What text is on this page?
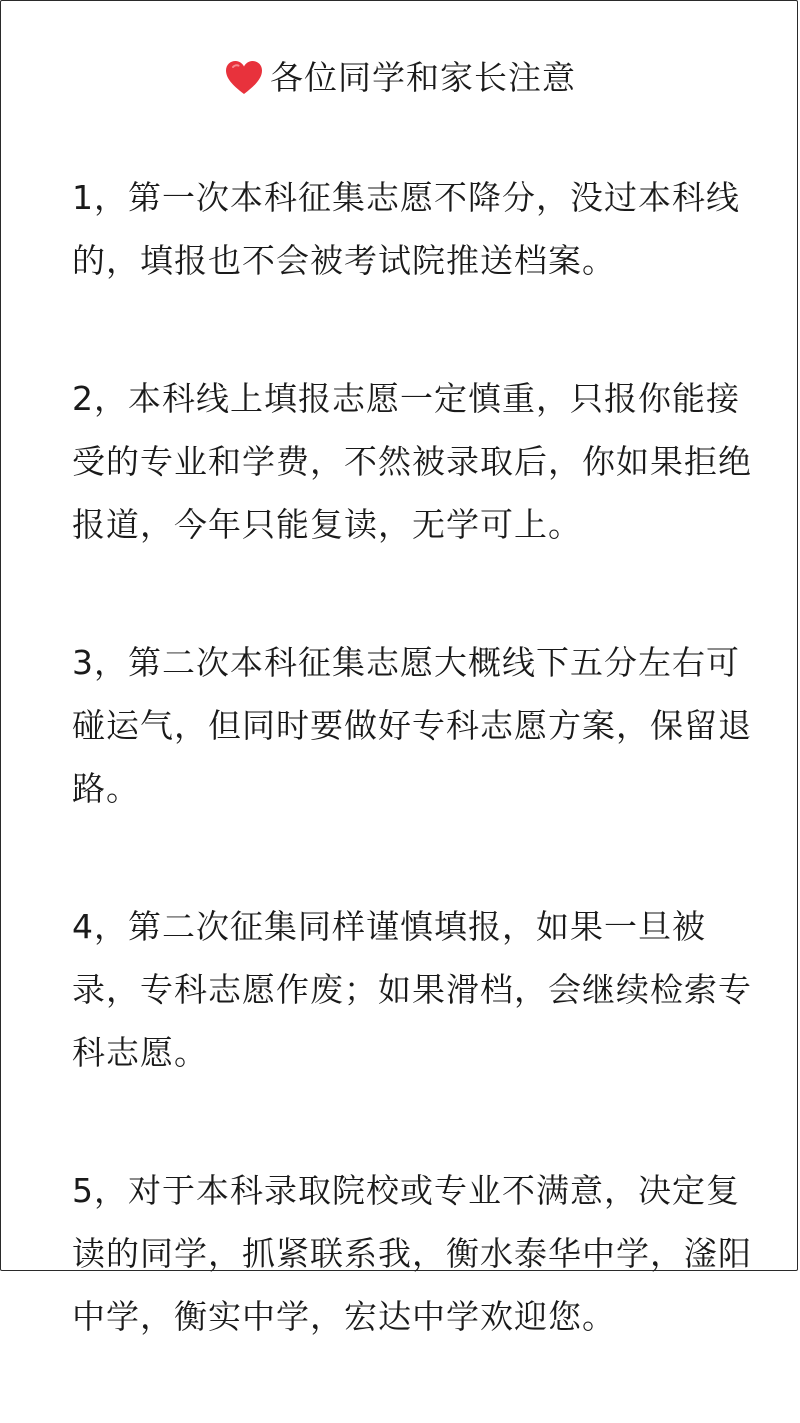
各位同学和家长注意
1，第一次本科征集志愿不降分，没过本科线
的，填报也不会被考试院推送档案。
2，本科线上填报志愿一定慎重，只报你能接
受的专业和学费，不然被录取后，你如果拒绝
报道，今年只能复读，无学可上。
3，第二次本科征集志愿大概线下五分左右可
碰运气，但同时要做好专科志愿方案，保留退
路。
4，第二次征集同样谨慎填报，如果一旦被
录，专科志愿作废；如果滑档，会继续检索专
科志愿。
5，对于本科录取院校或专业不满意，决定复
读的同学，抓紧联系我，衡水泰华中学，滏阳
中学，衡实中学，宏达中学欢迎您。
